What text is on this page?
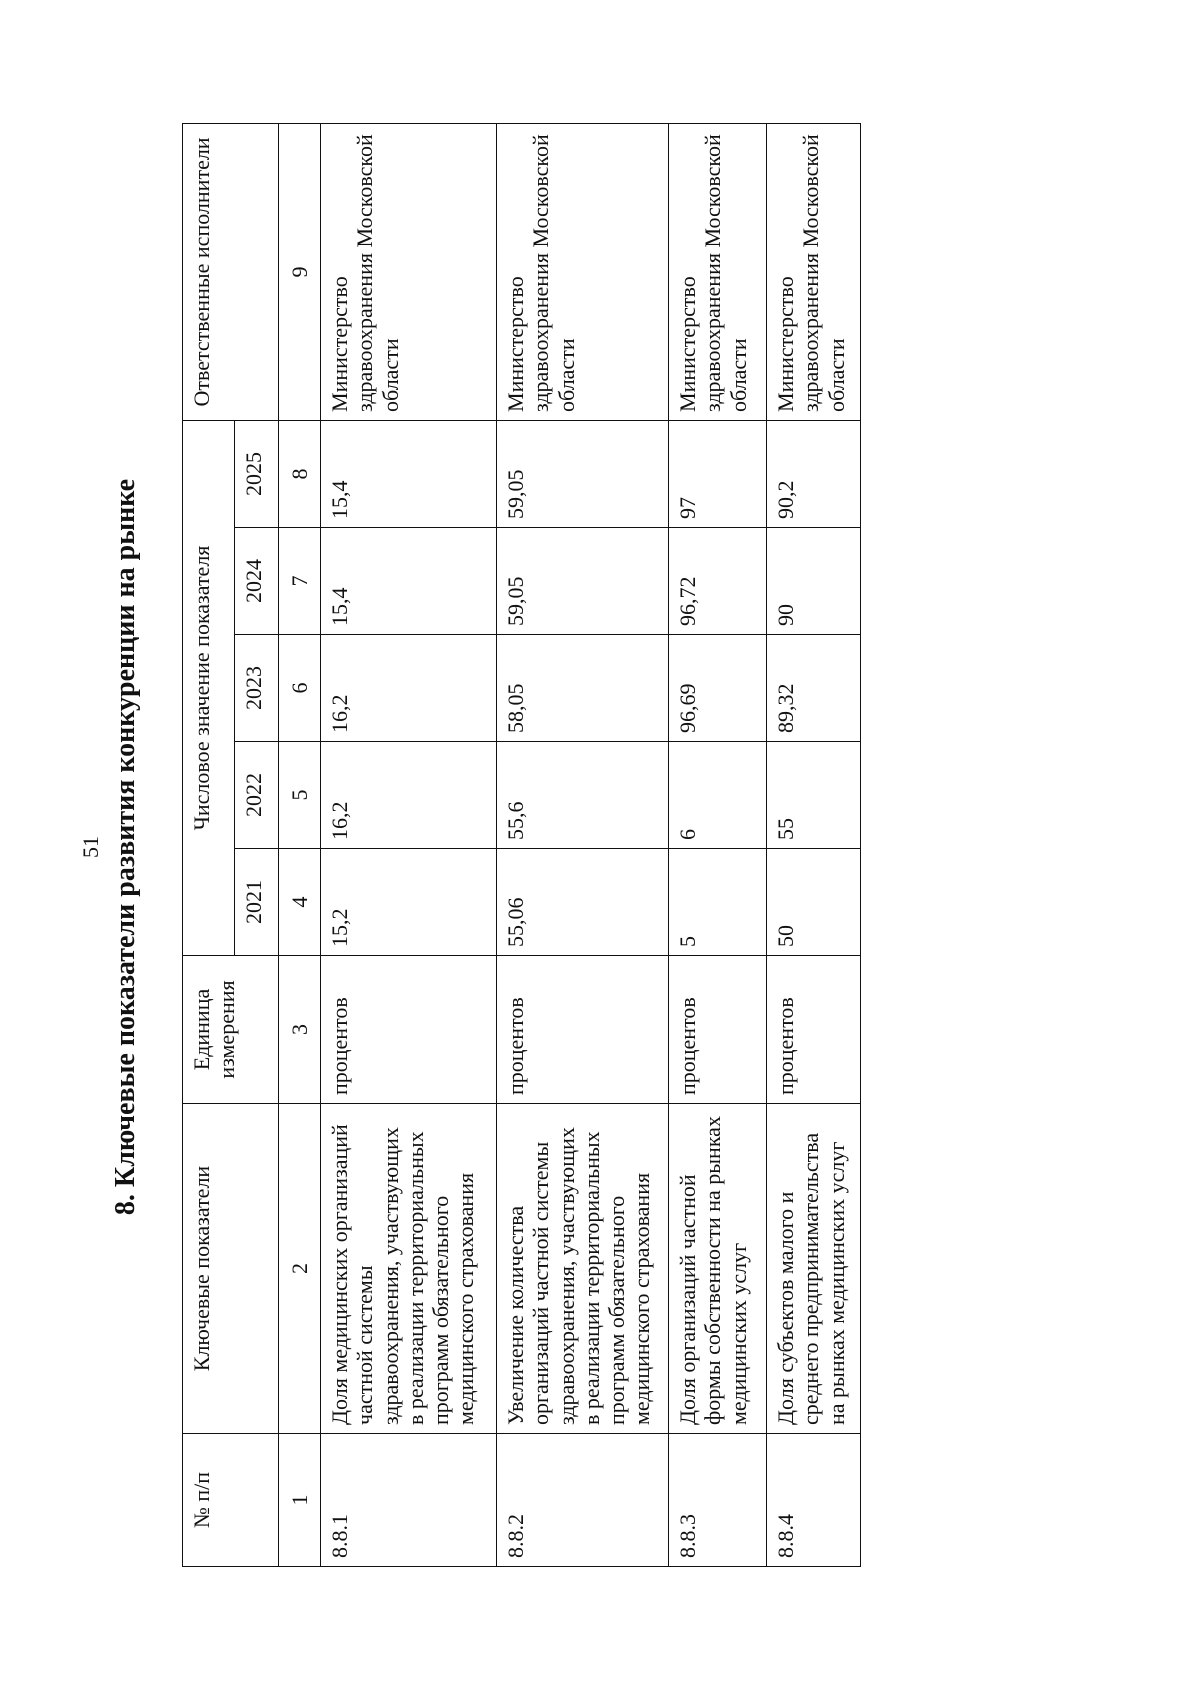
51 8. Ключевые показатели развития конкуренции на рынке
№ п/п	Ключевые показатели	Единица измерения	Числовое значение показателя					Ответственные исполнители
			2021	2022	2023	2024	2025	
1	2	3	4	5	6	7	8	9
8.8.1	Доля медицинских организаций частной системы здравоохранения, участвующих в реализации территориальных программ обязательного медицинского страхования	процентов	15,2	16,2	16,2	15,4	15,4	Министерство здравоохранения Московской области
8.8.2	Увеличение количества организаций частной системы здравоохранения, участвующих в реализации территориальных программ обязательного медицинского страхования	процентов	55,06	55,6	58,05	59,05	59,05	Министерство здравоохранения Московской области
8.8.3	Доля организаций частной формы собственности на рынках медицинских услуг	процентов	5	6	96,69	96,72	97	Министерство здравоохранения Московской области
8.8.4	Доля субъектов малого и среднего предпринимательства на рынках медицинских услуг	процентов	50	55	89,32	90	90,2	Министерство здравоохранения Московской области
